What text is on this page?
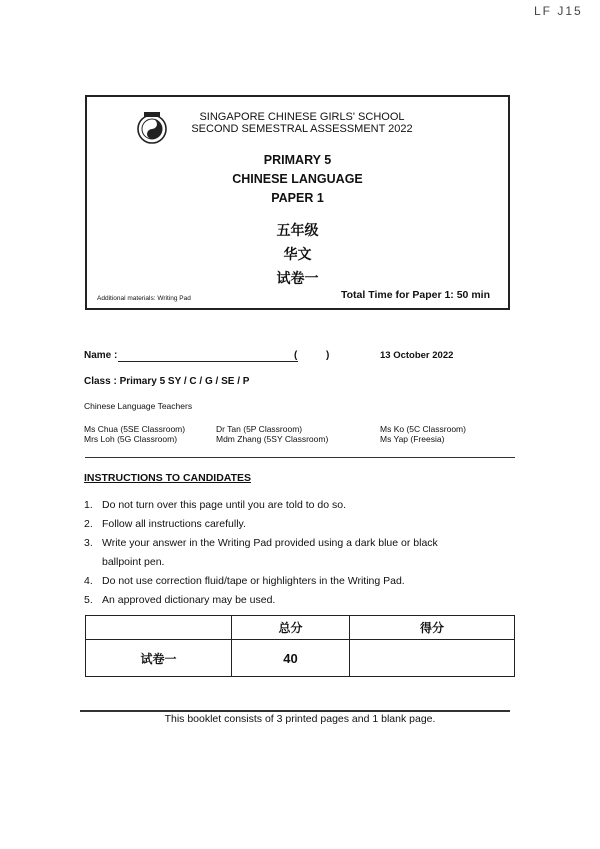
LF J15
SINGAPORE CHINESE GIRLS' SCHOOL
SECOND SEMESTRAL ASSESSMENT 2022
PRIMARY 5
CHINESE LANGUAGE
PAPER 1
五年级
华文
试卷一
Additional materials: Writing Pad	Total Time for Paper 1: 50 min
Name :	(	)	13 October 2022
Class : Primary 5 SY / C / G / SE / P
Chinese Language Teachers
Ms Chua (5SE Classroom)
Mrs Loh (5G Classroom)
Dr Tan (5P Classroom)
Mdm Zhang (5SY Classroom)
Ms Ko (5C Classroom)
Ms Yap (Freesia)
INSTRUCTIONS TO CANDIDATES
1. Do not turn over this page until you are told to do so.
2. Follow all instructions carefully.
3. Write your answer in the Writing Pad provided using a dark blue or black
ballpoint pen.
4. Do not use correction fluid/tape or highlighters in the Writing Pad.
5. An approved dictionary may be used.
	总分	得分
试卷一	40	
This booklet consists of 3 printed pages and 1 blank page.
